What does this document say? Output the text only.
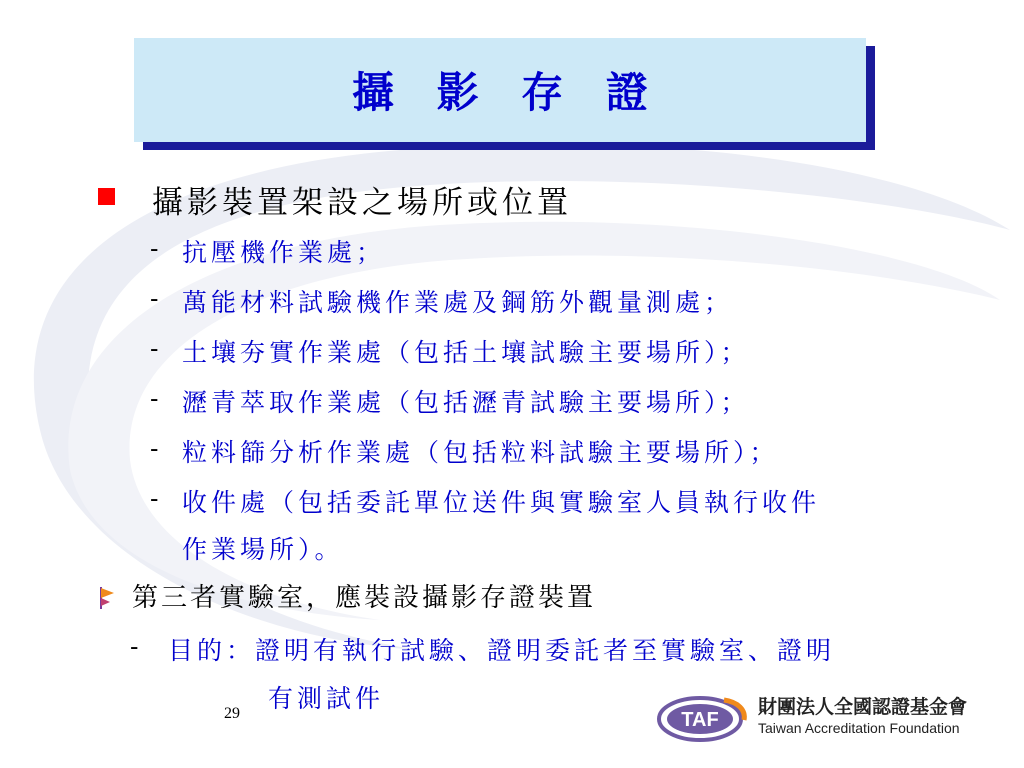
攝 影 存 證
攝影裝置架設之場所或位置
- 抗壓機作業處；
- 萬能材料試驗機作業處及鋼筋外觀量測處；
- 土壤夯實作業處（包括土壤試驗主要場所）；
- 瀝青萃取作業處（包括瀝青試驗主要場所）；
- 粒料篩分析作業處（包括粒料試驗主要場所）；
- 收件處（包括委託單位送件與實驗室人員執行收件
作業場所）。
第三者實驗室，應裝設攝影存證裝置
- 目的：證明有執行試驗、證明委託者至實驗室、證明
有測試件
29	TAF
財團法人全國認證基金會
Taiwan Accreditation Foundation
